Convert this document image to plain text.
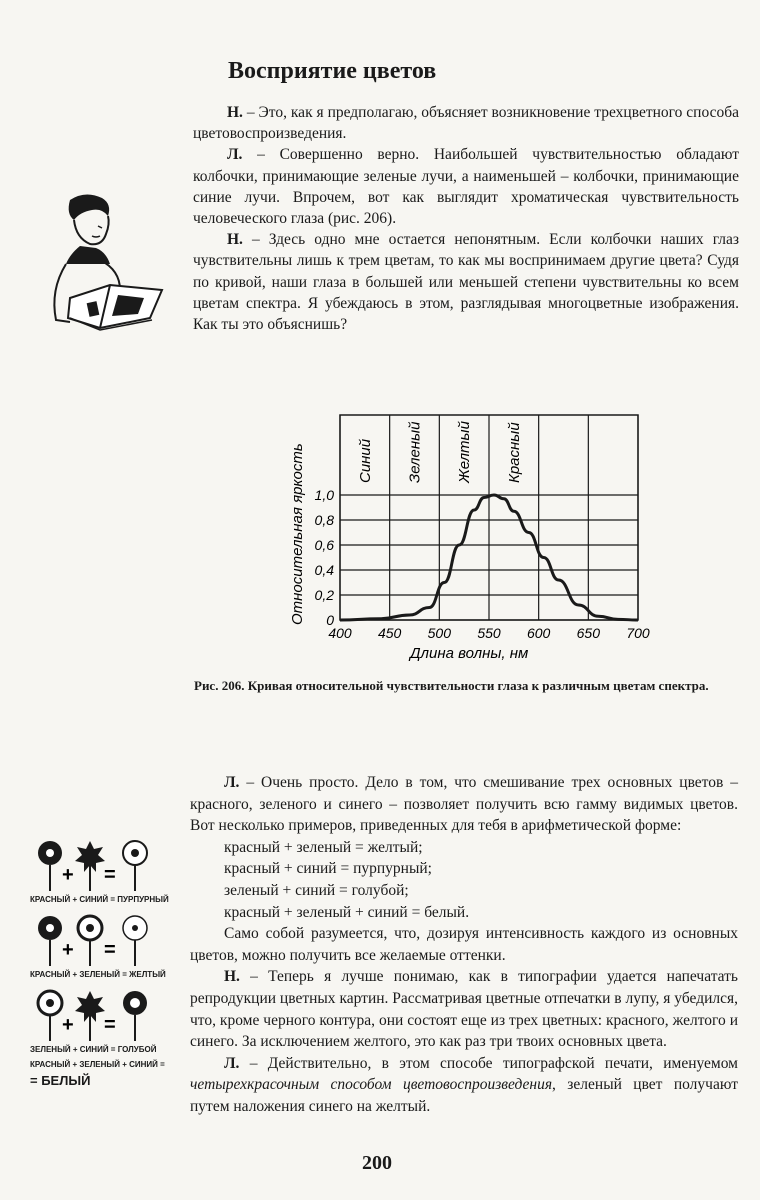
Восприятие цветов

Н. – Это, как я предполагаю, объясняет возникновение трехцветного способа цветовоспроизведения.

Л. – Совершенно верно. Наибольшей чувствительностью обладают колбочки, принимающие зеленые лучи, а наименьшей – колбочки, принимающие синие лучи. Впрочем, вот как выглядит хроматическая чувствительность человеческого глаза (рис. 206).

Н. – Здесь одно мне остается непонятным. Если колбочки наших глаз чувствительны лишь к трем цветам, то как мы воспринимаем другие цвета? Судя по кривой, наши глаза в большей или меньшей степени чувствительны ко всем цветам спектра. Я убеждаюсь в этом, разглядывая многоцветные изображения. Как ты это объяснишь?

Синий Зеленый Желтый Красный
0
0,2
0,4
0,6
0,8
1,0
400 450 500 550 600 650 700
Относительная яркость
Длина волны, нм

Рис. 206. Кривая относительной чувствительности глаза к различным цветам спектра.

+ =
КРАСНЫЙ + СИНИЙ = ПУРПУРНЫЙ
+ =
КРАСНЫЙ + ЗЕЛЕНЫЙ = ЖЕЛТЫЙ
+ =
ЗЕЛЕНЫЙ + СИНИЙ = ГОЛУБОЙ
КРАСНЫЙ + ЗЕЛЕНЫЙ + СИНИЙ =
= БЕЛЫЙ

Л. – Очень просто. Дело в том, что смешивание трех основных цветов – красного, зеленого и синего – позволяет получить всю гамму видимых цветов. Вот несколько примеров, приведенных для тебя в арифметической форме:

красный + зеленый = желтый;

красный + синий = пурпурный;

зеленый + синий = голубой;

красный + зеленый + синий = белый.

Само собой разумеется, что, дозируя интенсивность каждого из основных цветов, можно получить все желаемые оттенки.

Н. – Теперь я лучше понимаю, как в типографии удается напечатать репродукции цветных картин. Рассматривая цветные отпечатки в лупу, я убедился, что, кроме черного контура, они состоят еще из трех цветных: красного, желтого и синего. За исключением желтого, это как раз три твоих основных цвета.

Л. – Действительно, в этом способе типографской печати, именуемом четырехкрасочным способом цветовоспроизведения, зеленый цвет получают путем наложения синего на желтый.

200
